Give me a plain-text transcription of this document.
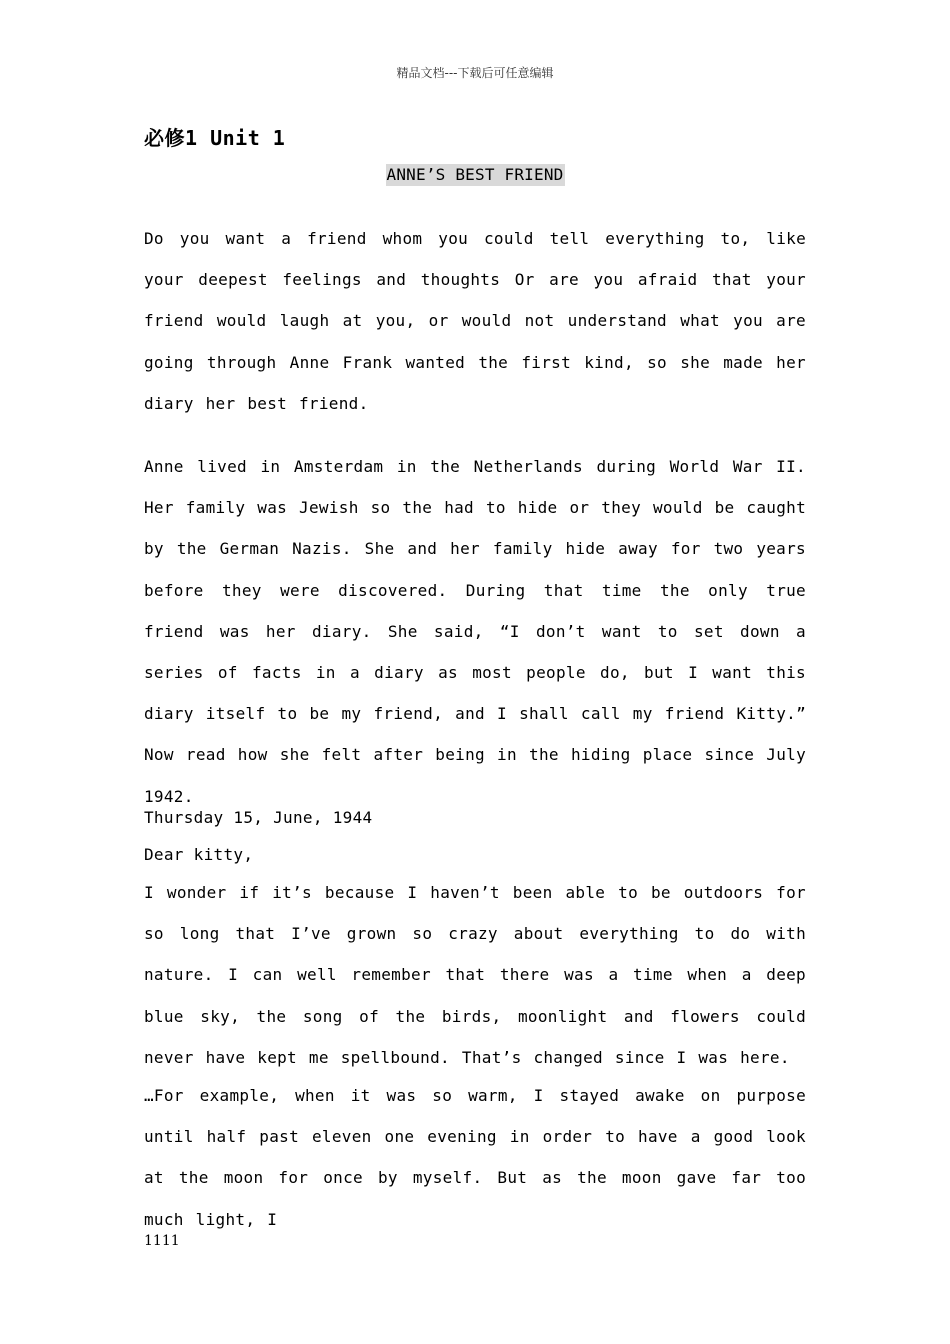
精品文档---下载后可任意编辑
必修1 Unit 1
ANNE’S BEST FRIEND

Do you want a friend whom you could tell everything to, like your deepest feelings and thoughts Or are you afraid that your friend would laugh at you, or would not understand what you are going through Anne Frank wanted the first kind, so she made her diary her best friend.

Anne lived in Amsterdam in the Netherlands during World War II. Her family was Jewish so the had to hide or they would be caught by the German Nazis. She and her family hide away for two years before they were discovered. During that time the only true friend was her diary. She said, “I don’t want to set down a series of facts in a diary as most people do, but I want this diary itself to be my friend, and I shall call my friend Kitty.” Now read how she felt after being in the hiding place since July 1942.

Thursday 15, June, 1944
Dear kitty,

I wonder if it’s because I haven’t been able to be outdoors for so long that I’ve grown so crazy about everything to do with nature. I can well remember that there was a time when a deep blue sky, the song of the birds, moonlight and flowers could never have kept me spellbound. That’s changed since I was here.

…For example, when it was so warm, I stayed awake on purpose until half past eleven one evening in order to have a good look at the moon for once by myself. But as the moon gave far too much light, I

1111
